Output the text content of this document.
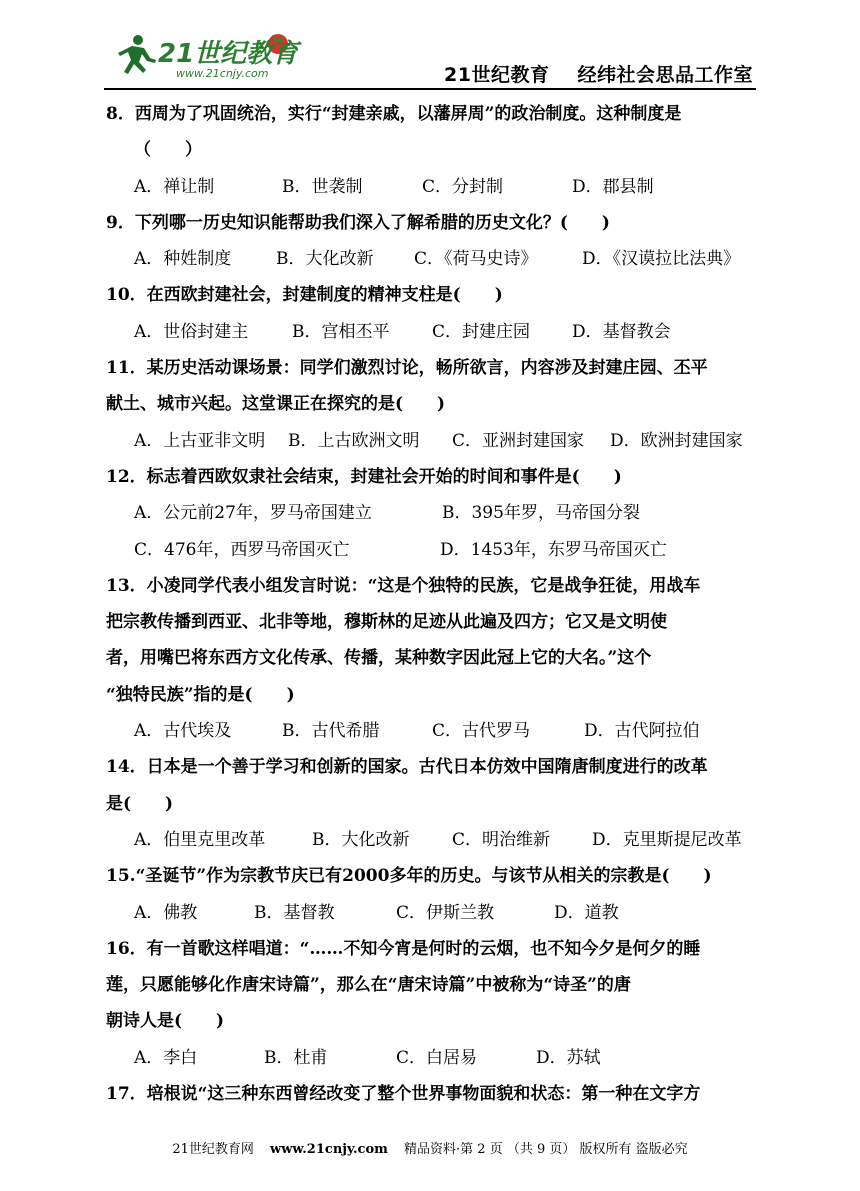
21世纪教育
www.21cnjy.com	21世纪教育 经纬社会思品工作室
8．西周为了巩固统治，实行“封建亲戚，以藩屏周”的政治制度。这种制度是
（　　）
A．禅让制	B．世袭制	C．分封制	D．郡县制
9．下列哪一历史知识能帮助我们深入了解希腊的历史文化？(　　)
A．种姓制度	B．大化改新 C．《荷马史诗》	D．《汉谟拉比法典》
10．在西欧封建社会，封建制度的精神支柱是(　　)
A．世俗封建主	B．宫相丕平	C．封建庄园 D．基督教会
11．某历史活动课场景：同学们激烈讨论，畅所欲言，内容涉及封建庄园、丕平
献土、城市兴起。这堂课正在探究的是(　　)
A．上古亚非文明 B．上古欧洲文明 C．亚洲封建国家 D．欧洲封建国家
12．标志着西欧奴隶社会结束，封建社会开始的时间和事件是(　　)
A．公元前27年，罗马帝国建立	B．395年罗，马帝国分裂
C．476年，西罗马帝国灭亡	D．1453年，东罗马帝国灭亡
13．小凌同学代表小组发言时说：“这是个独特的民族，它是战争狂徒，用战车
把宗教传播到西亚、北非等地，穆斯林的足迹从此遍及四方；它又是文明使
者，用嘴巴将东西方文化传承、传播，某种数字因此冠上它的大名。”这个
“独特民族”指的是(　　)
A．古代埃及	B．古代希腊	C．古代罗马	D．古代阿拉伯
14．日本是一个善于学习和创新的国家。古代日本仿效中国隋唐制度进行的改革
是(　　)
A．伯里克里改革	B．大化改新	C．明治维新 D．克里斯提尼改革
15.“圣诞节”作为宗教节庆已有2000多年的历史。与该节从相关的宗教是(　　)
A．佛教	B．基督教	C．伊斯兰教	D．道教
16．有一首歌这样唱道：“……不知今宵是何时的云烟，也不知今夕是何夕的睡
莲，只愿能够化作唐宋诗篇”，那么在“唐宋诗篇”中被称为“诗圣”的唐
朝诗人是(　　)
A．李白	B．杜甫	C．白居易	D．苏轼
17．培根说“这三种东西曾经改变了整个世界事物面貌和状态：第一种在文字方
21世纪教育网 www.21cnjy.com 精品资料·第 2 页 （共 9 页） 版权所有 盗版必究
